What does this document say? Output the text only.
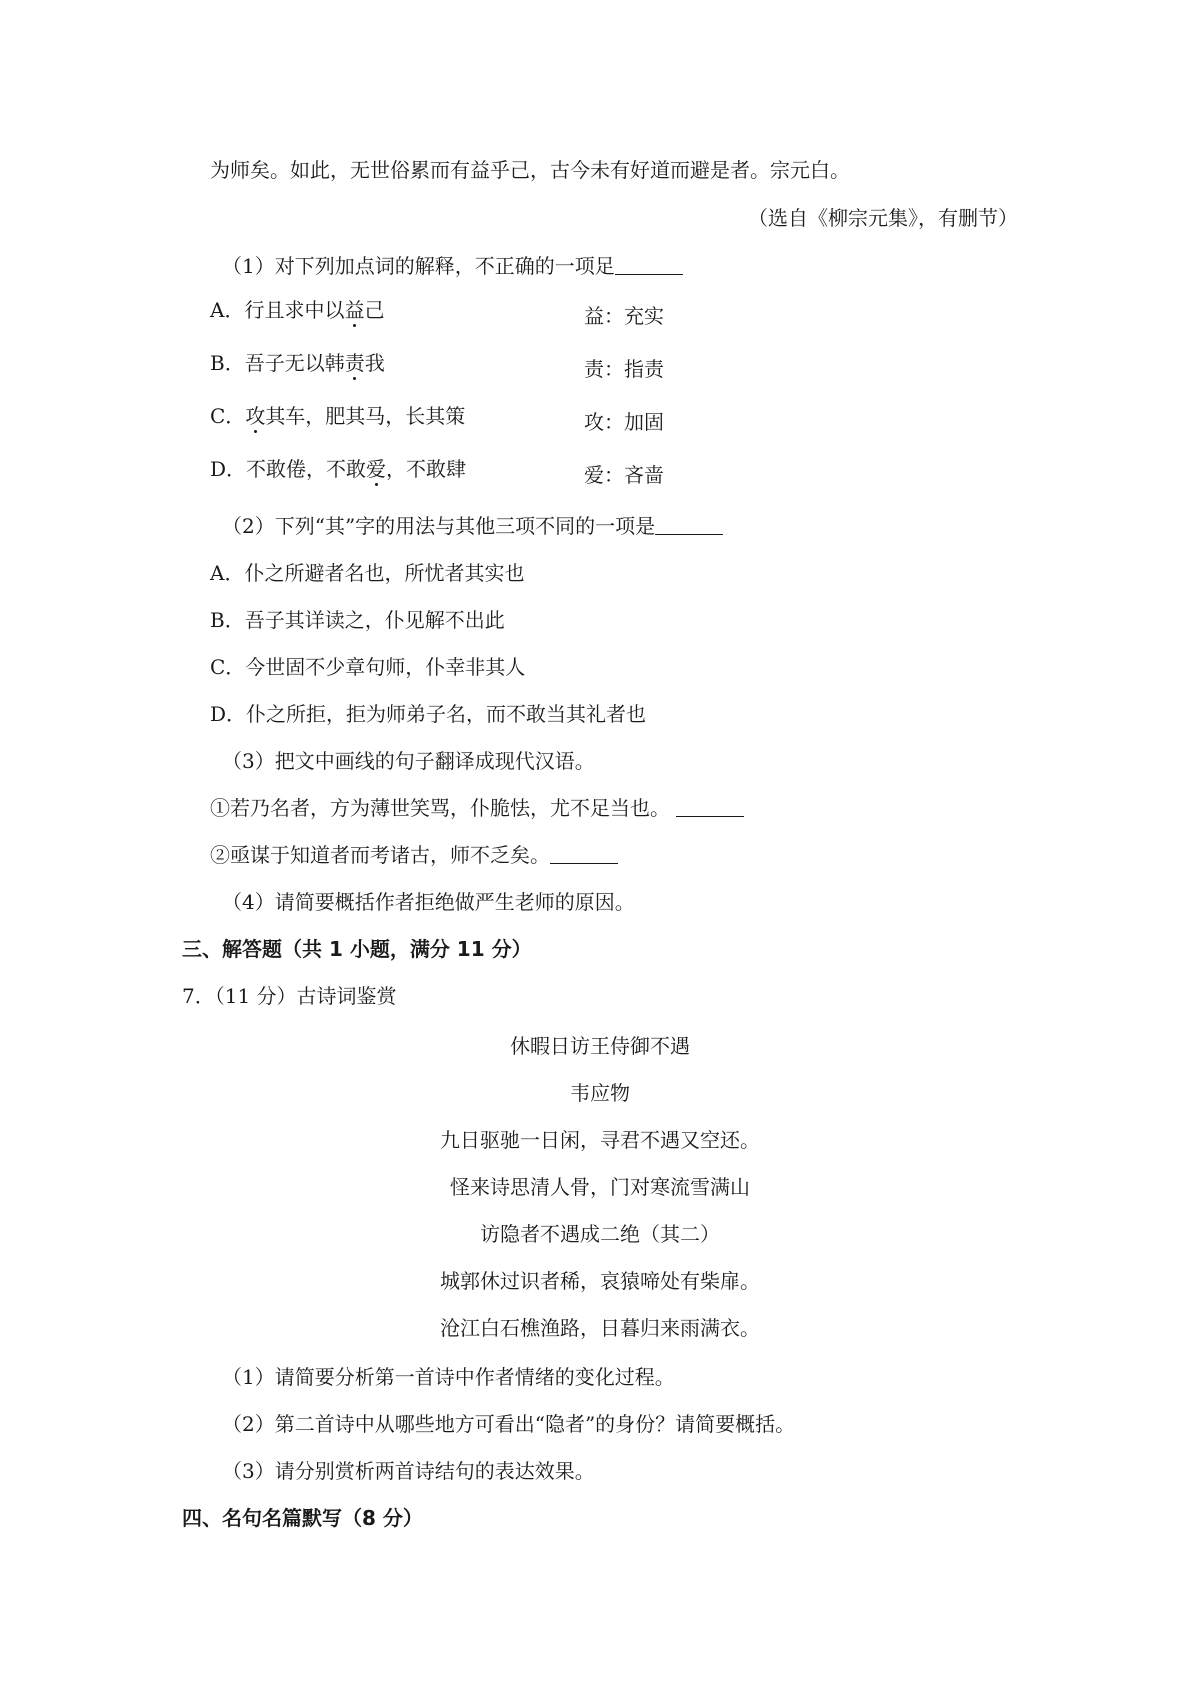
为师矣。如此，无世俗累而有益乎己，古今未有好道而避是者。宗元白。
（选自《柳宗元集》，有删节）
（1）对下列加点词的解释，不正确的一项足
A．行且求中以益己	益：充实
B．吾子无以韩责我	责：指责
C．攻其车，肥其马，长其策	攻：加固
D．不敢倦，不敢爱，不敢肆	爱：吝啬
（2）下列“其”字的用法与其他三项不同的一项是
A．仆之所避者名也，所忧者其实也
B．吾子其详读之，仆见解不出此
C．今世固不少章句师，仆幸非其人
D．仆之所拒，拒为师弟子名，而不敢当其礼者也
（3）把文中画线的句子翻译成现代汉语。
①若乃名者，方为薄世笑骂，仆脆怯，尤不足当也。
②亟谋于知道者而考诸古，师不乏矣。
（4）请简要概括作者拒绝做严生老师的原因。
三、解答题（共 1 小题，满分 11 分）
7．（11 分）古诗词鉴赏
休暇日访王侍御不遇
韦应物
九日驱驰一日闲，寻君不遇又空还。
怪来诗思清人骨，门对寒流雪满山
访隐者不遇成二绝（其二）
城郭休过识者稀，哀猿啼处有柴扉。
沧江白石樵渔路，日暮归来雨满衣。
（1）请简要分析第一首诗中作者情绪的变化过程。
（2）第二首诗中从哪些地方可看出“隐者”的身份？请简要概括。
（3）请分别赏析两首诗结句的表达效果。
四、名句名篇默写（8 分）
